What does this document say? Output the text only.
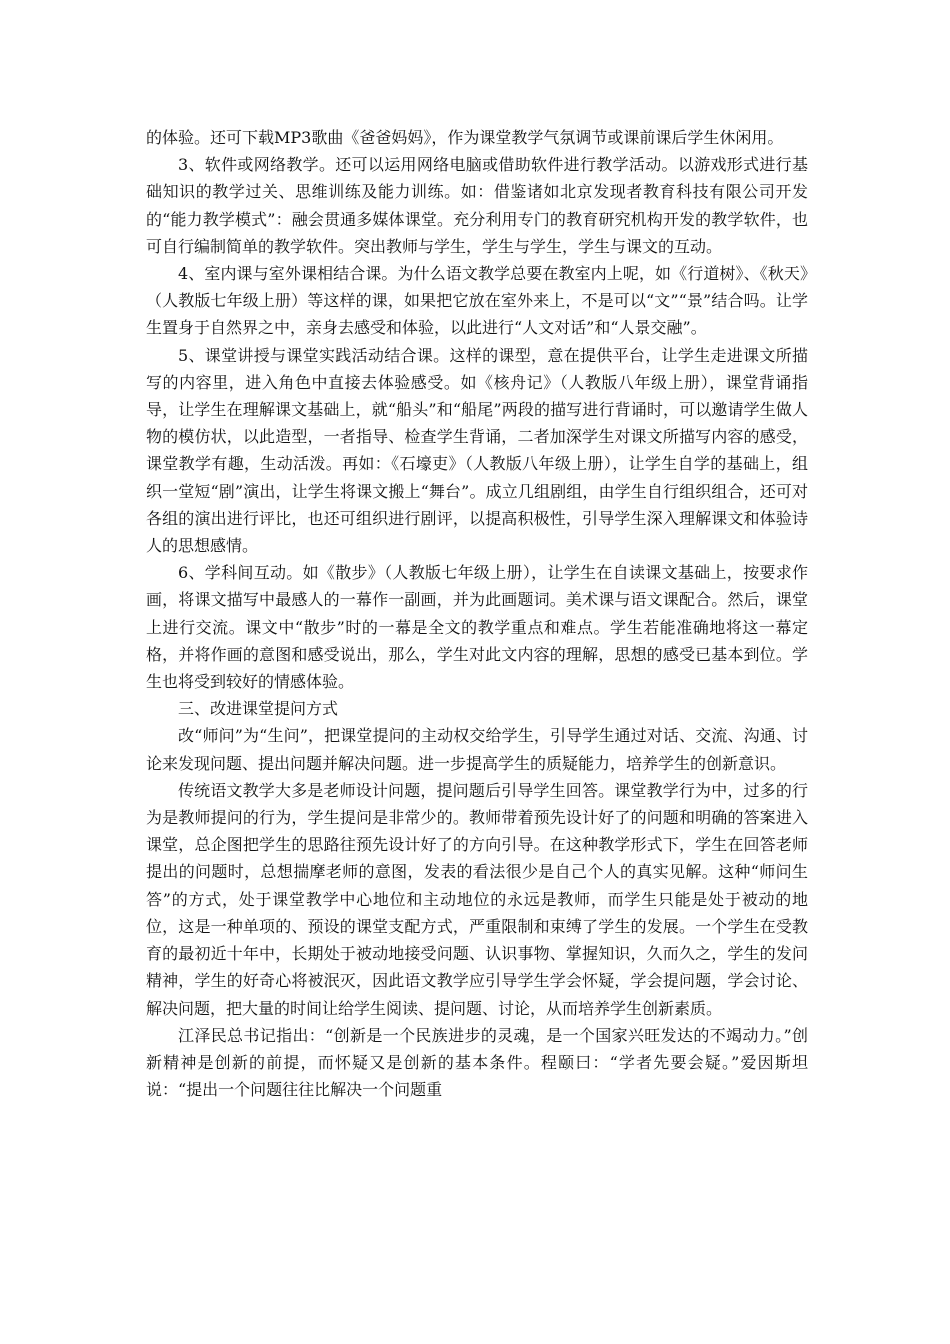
的体验。还可下载MP3歌曲《爸爸妈妈》，作为课堂教学气氛调节或课前课后学生休闲用。

3、软件或网络教学。还可以运用网络电脑或借助软件进行教学活动。以游戏形式进行基础知识的教学过关、思维训练及能力训练。如：借鉴诸如北京发现者教育科技有限公司开发的“能力教学模式”：融会贯通多媒体课堂。充分利用专门的教育研究机构开发的教学软件，也可自行编制简单的教学软件。突出教师与学生，学生与学生，学生与课文的互动。

4、室内课与室外课相结合课。为什么语文教学总要在教室内上呢，如《行道树》、《秋天》（人教版七年级上册）等这样的课，如果把它放在室外来上，不是可以“文”“景”结合吗。让学生置身于自然界之中，亲身去感受和体验，以此进行“人文对话”和“人景交融”。

5、课堂讲授与课堂实践活动结合课。这样的课型，意在提供平台，让学生走进课文所描写的内容里，进入角色中直接去体验感受。如《核舟记》（人教版八年级上册），课堂背诵指导，让学生在理解课文基础上，就“船头”和“船尾”两段的描写进行背诵时，可以邀请学生做人物的模仿状，以此造型，一者指导、检查学生背诵，二者加深学生对课文所描写内容的感受，课堂教学有趣，生动活泼。再如：《石壕吏》（人教版八年级上册），让学生自学的基础上，组织一堂短“剧”演出，让学生将课文搬上“舞台”。成立几组剧组，由学生自行组织组合，还可对各组的演出进行评比，也还可组织进行剧评，以提高积极性，引导学生深入理解课文和体验诗人的思想感情。

6、学科间互动。如《散步》（人教版七年级上册），让学生在自读课文基础上，按要求作画，将课文描写中最感人的一幕作一副画，并为此画题词。美术课与语文课配合。然后，课堂上进行交流。课文中“散步”时的一幕是全文的教学重点和难点。学生若能准确地将这一幕定格，并将作画的意图和感受说出，那么，学生对此文内容的理解，思想的感受已基本到位。学生也将受到较好的情感体验。

三、改进课堂提问方式

改“师问”为“生问”，把课堂提问的主动权交给学生，引导学生通过对话、交流、沟通、讨论来发现问题、提出问题并解决问题。进一步提高学生的质疑能力，培养学生的创新意识。

传统语文教学大多是老师设计问题，提问题后引导学生回答。课堂教学行为中，过多的行为是教师提问的行为，学生提问是非常少的。教师带着预先设计好了的问题和明确的答案进入课堂，总企图把学生的思路往预先设计好了的方向引导。在这种教学形式下，学生在回答老师提出的问题时，总想揣摩老师的意图，发表的看法很少是自己个人的真实见解。这种“师问生答”的方式，处于课堂教学中心地位和主动地位的永远是教师，而学生只能是处于被动的地位，这是一种单项的、预设的课堂支配方式，严重限制和束缚了学生的发展。一个学生在受教育的最初近十年中，长期处于被动地接受问题、认识事物、掌握知识，久而久之，学生的发问精神，学生的好奇心将被泯灭，因此语文教学应引导学生学会怀疑，学会提问题，学会讨论、解决问题，把大量的时间让给学生阅读、提问题、讨论，从而培养学生创新素质。

江泽民总书记指出：“创新是一个民族进步的灵魂，是一个国家兴旺发达的不竭动力。”创新精神是创新的前提，而怀疑又是创新的基本条件。程颐曰：“学者先要会疑。”爱因斯坦说：“提出一个问题往往比解决一个问题重
